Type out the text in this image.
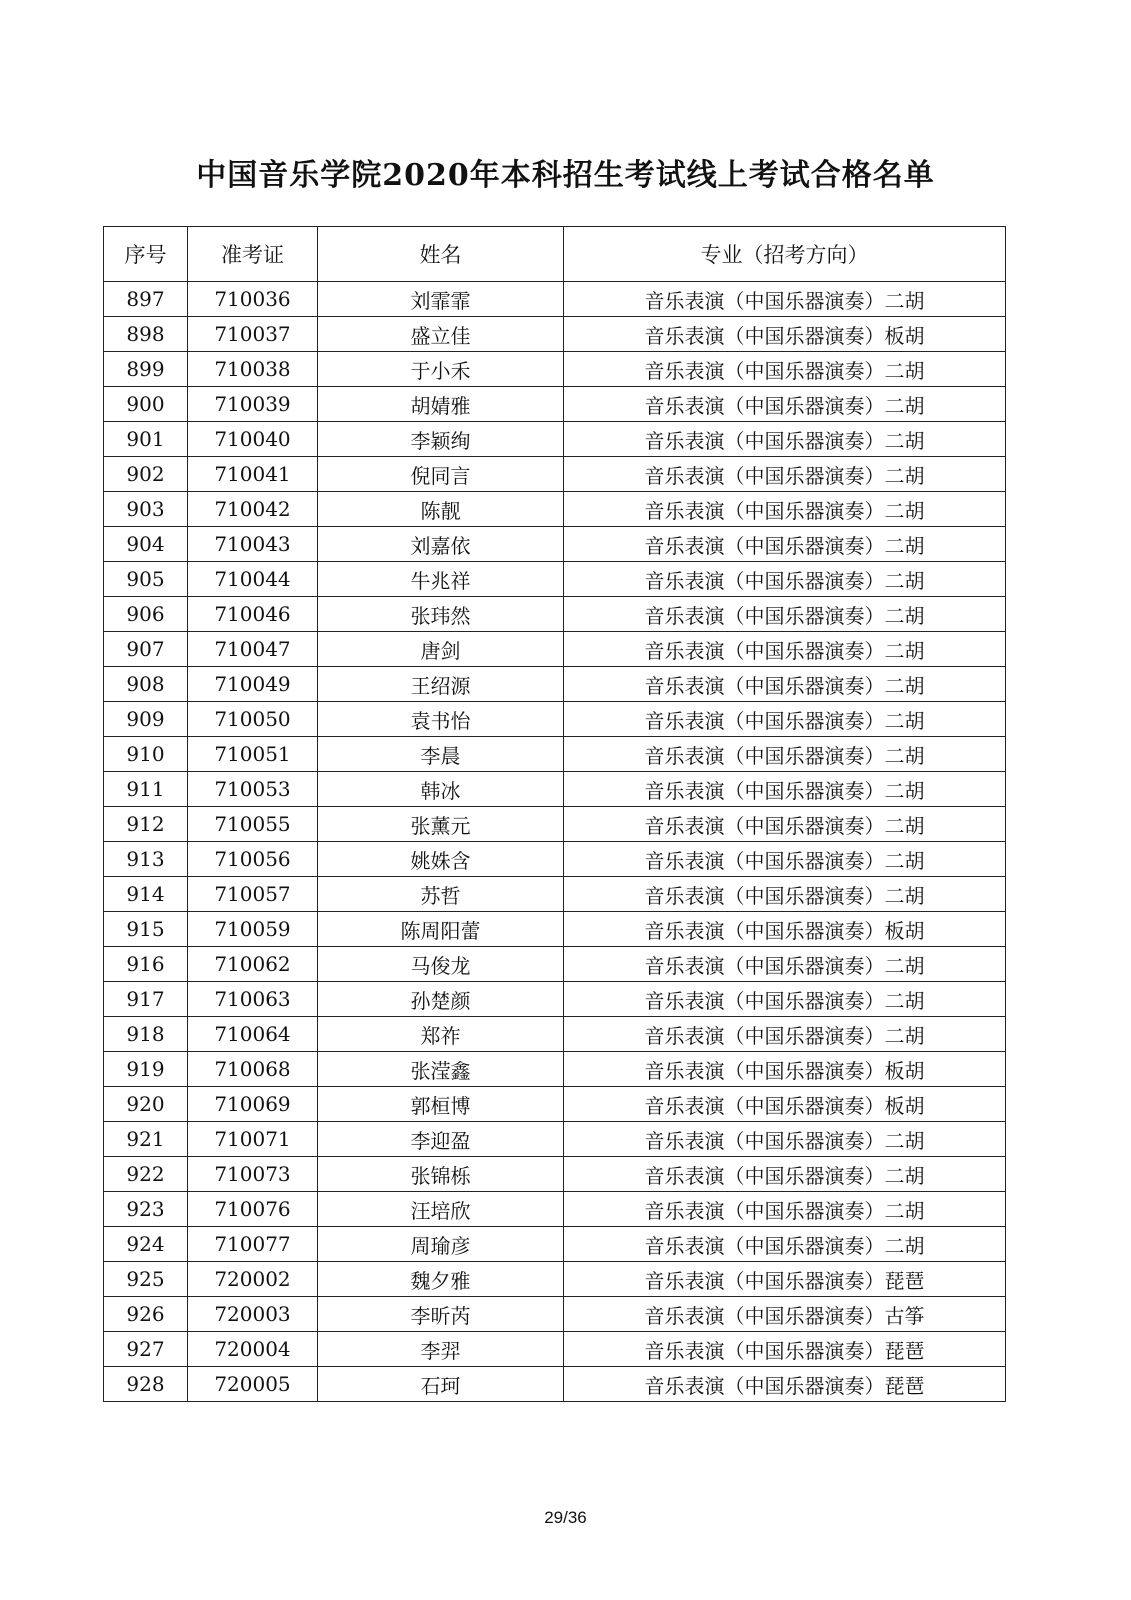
中国音乐学院2020年本科招生考试线上考试合格名单
序号	准考证	姓名	专业（招考方向）
897	710036	刘霏霏	音乐表演（中国乐器演奏）二胡
898	710037	盛立佳	音乐表演（中国乐器演奏）板胡
899	710038	于小禾	音乐表演（中国乐器演奏）二胡
900	710039	胡婧雅	音乐表演（中国乐器演奏）二胡
901	710040	李颖绚	音乐表演（中国乐器演奏）二胡
902	710041	倪同言	音乐表演（中国乐器演奏）二胡
903	710042	陈靓	音乐表演（中国乐器演奏）二胡
904	710043	刘嘉依	音乐表演（中国乐器演奏）二胡
905	710044	牛兆祥	音乐表演（中国乐器演奏）二胡
906	710046	张玮然	音乐表演（中国乐器演奏）二胡
907	710047	唐剑	音乐表演（中国乐器演奏）二胡
908	710049	王绍源	音乐表演（中国乐器演奏）二胡
909	710050	袁书怡	音乐表演（中国乐器演奏）二胡
910	710051	李晨	音乐表演（中国乐器演奏）二胡
911	710053	韩冰	音乐表演（中国乐器演奏）二胡
912	710055	张薰元	音乐表演（中国乐器演奏）二胡
913	710056	姚姝含	音乐表演（中国乐器演奏）二胡
914	710057	苏哲	音乐表演（中国乐器演奏）二胡
915	710059	陈周阳蕾	音乐表演（中国乐器演奏）板胡
916	710062	马俊龙	音乐表演（中国乐器演奏）二胡
917	710063	孙楚颜	音乐表演（中国乐器演奏）二胡
918	710064	郑祚	音乐表演（中国乐器演奏）二胡
919	710068	张滢鑫	音乐表演（中国乐器演奏）板胡
920	710069	郭桓博	音乐表演（中国乐器演奏）板胡
921	710071	李迎盈	音乐表演（中国乐器演奏）二胡
922	710073	张锦栎	音乐表演（中国乐器演奏）二胡
923	710076	汪培欣	音乐表演（中国乐器演奏）二胡
924	710077	周瑜彦	音乐表演（中国乐器演奏）二胡
925	720002	魏夕雅	音乐表演（中国乐器演奏）琵琶
926	720003	李昕芮	音乐表演（中国乐器演奏）古筝
927	720004	李羿	音乐表演（中国乐器演奏）琵琶
928	720005	石珂	音乐表演（中国乐器演奏）琵琶
29/36
